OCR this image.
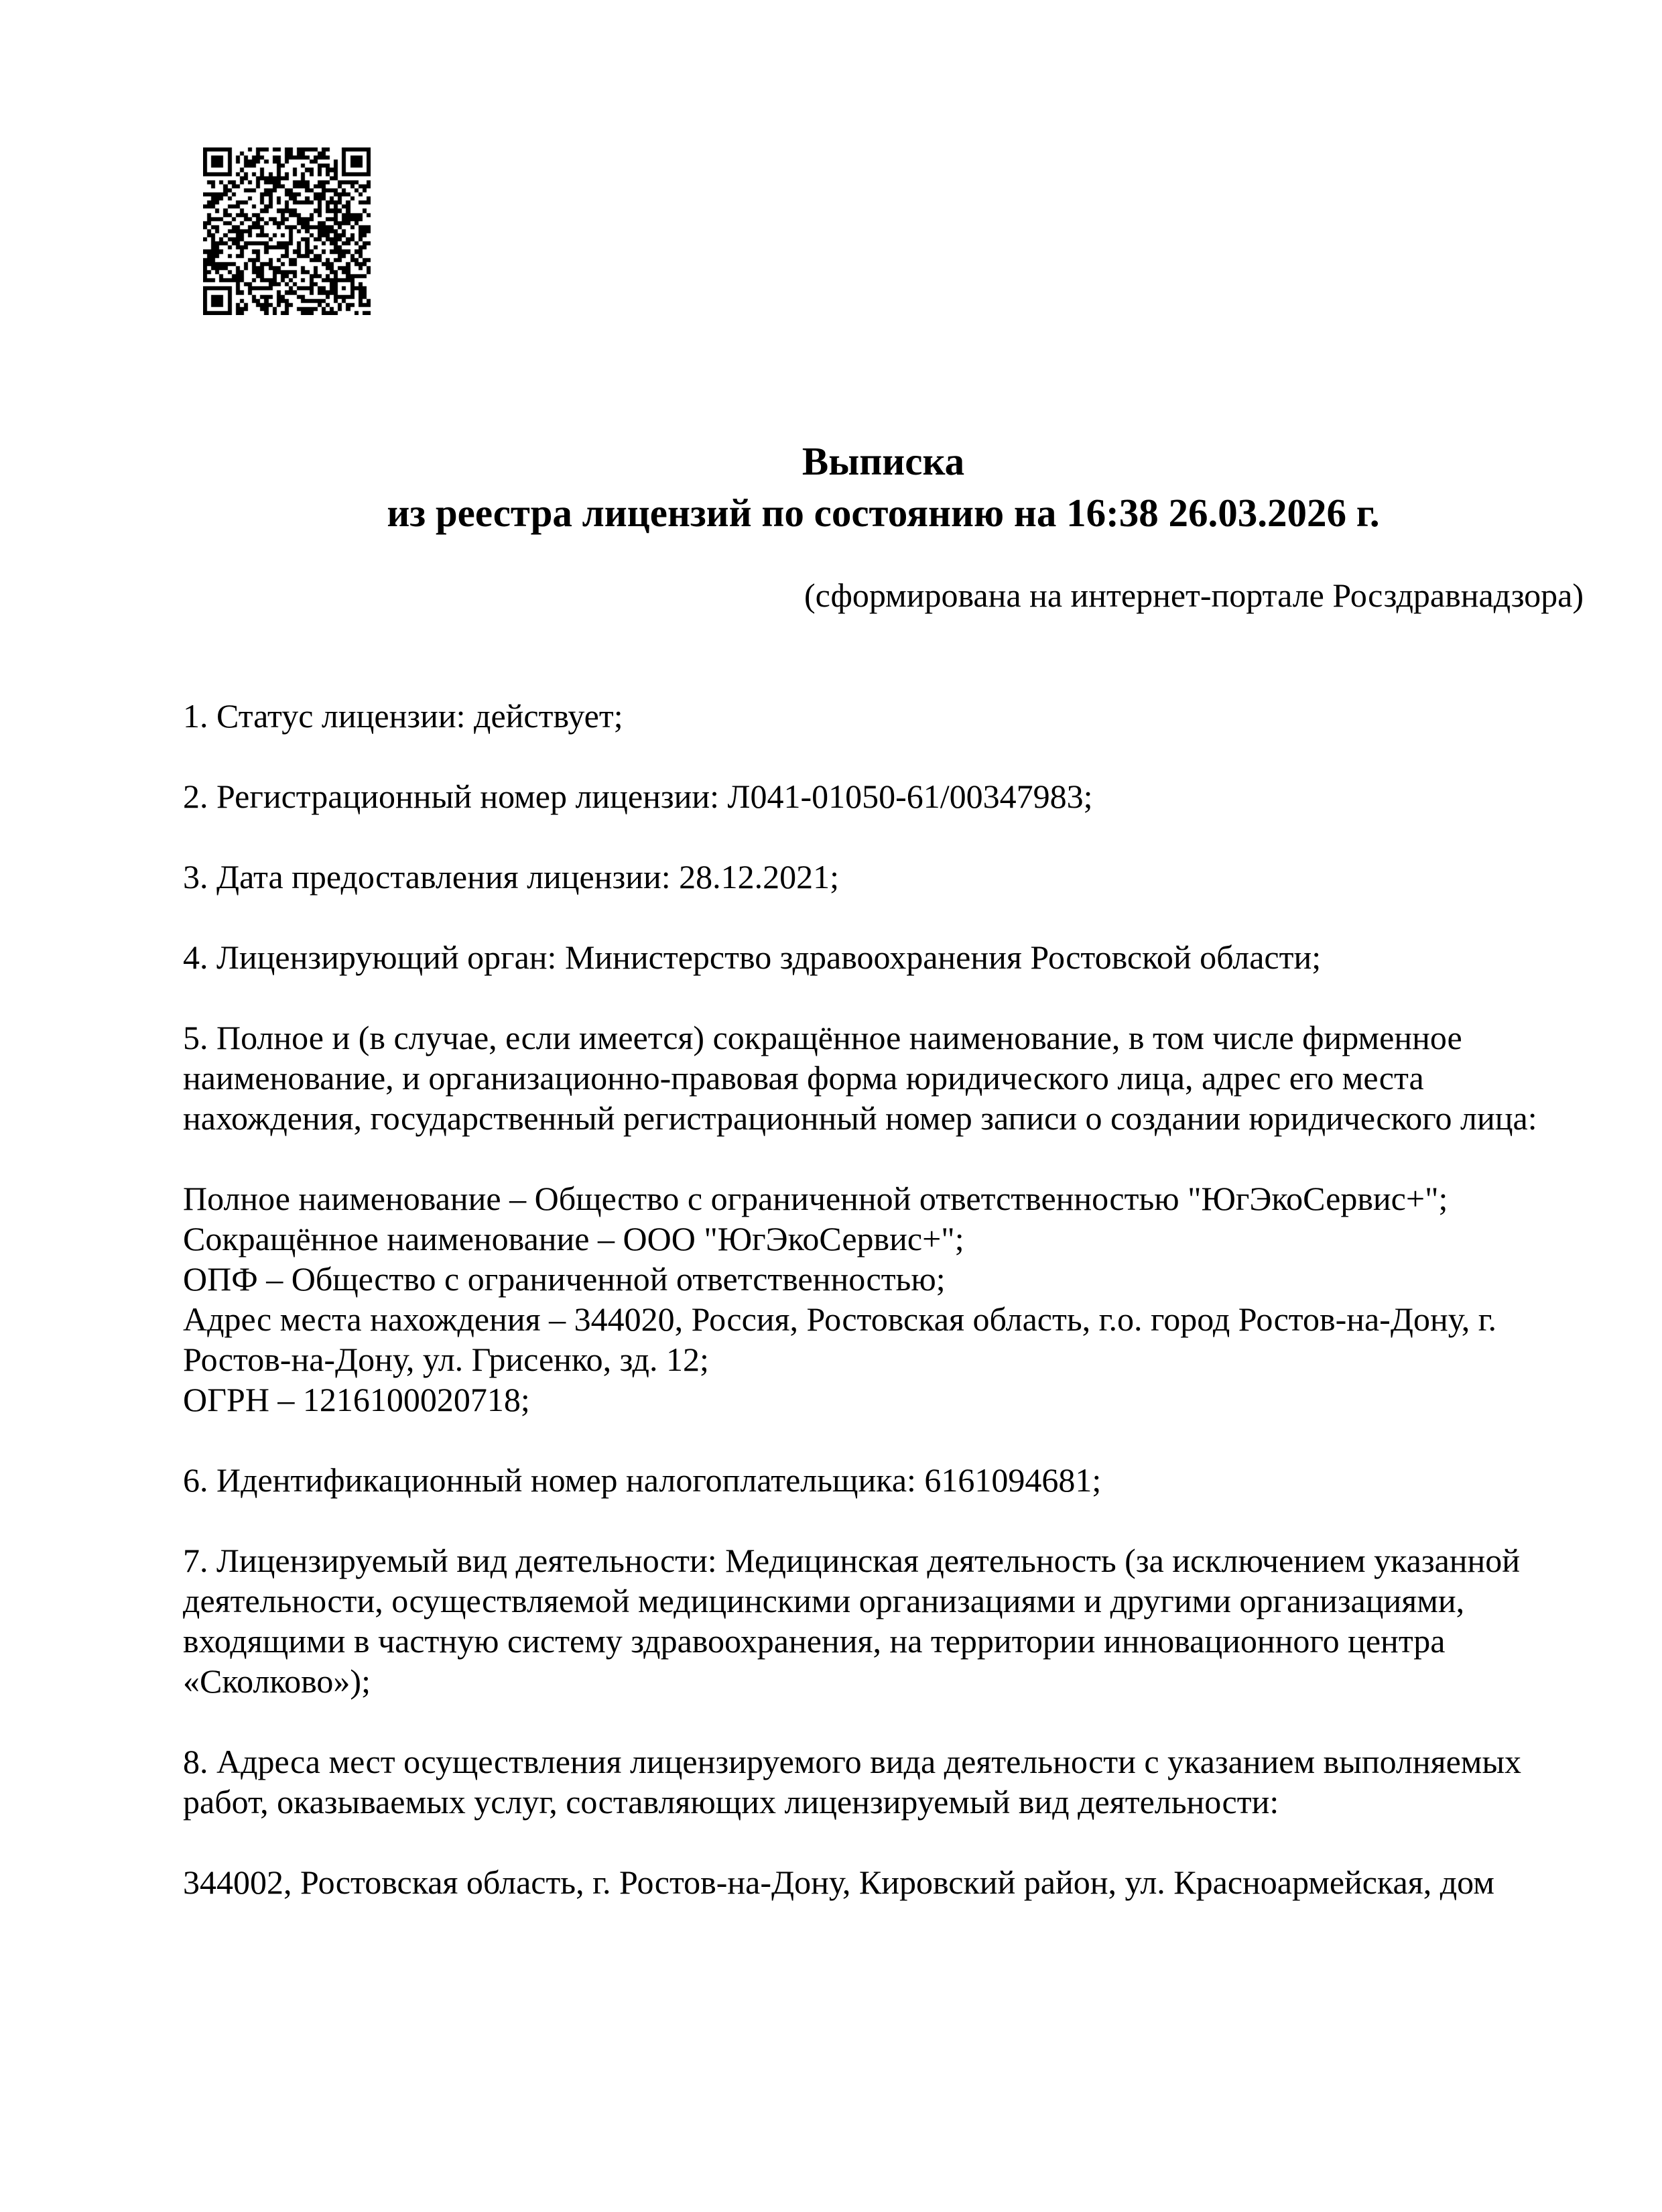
Выписка
из реестра лицензий по состоянию на 16:38 26.03.2026 г.
(сформирована на интернет-портале Росздравнадзора)
1. Статус лицензии: действует;
2. Регистрационный номер лицензии: Л041-01050-61/00347983;
3. Дата предоставления лицензии: 28.12.2021;
4. Лицензирующий орган: Министерство здравоохранения Ростовской области;
5. Полное и (в случае, если имеется) сокращённое наименование, в том числе фирменное
наименование, и организационно-правовая форма юридического лица, адрес его места
нахождения, государственный регистрационный номер записи о создании юридического лица:
Полное наименование – Общество с ограниченной ответственностью "ЮгЭкоСервис+";
Сокращённое наименование – ООО "ЮгЭкоСервис+";
ОПФ – Общество с ограниченной ответственностью;
Адрес места нахождения – 344020, Россия, Ростовская область, г.о. город Ростов-на-Дону, г.
Ростов-на-Дону, ул. Грисенко, зд. 12;
ОГРН – 1216100020718;
6. Идентификационный номер налогоплательщика: 6161094681;
7. Лицензируемый вид деятельности: Медицинская деятельность (за исключением указанной
деятельности, осуществляемой медицинскими организациями и другими организациями,
входящими в частную систему здравоохранения, на территории инновационного центра
«Сколково»);
8. Адреса мест осуществления лицензируемого вида деятельности с указанием выполняемых
работ, оказываемых услуг, составляющих лицензируемый вид деятельности:
344002, Ростовская область, г. Ростов-на-Дону, Кировский район, ул. Красноармейская, дом
